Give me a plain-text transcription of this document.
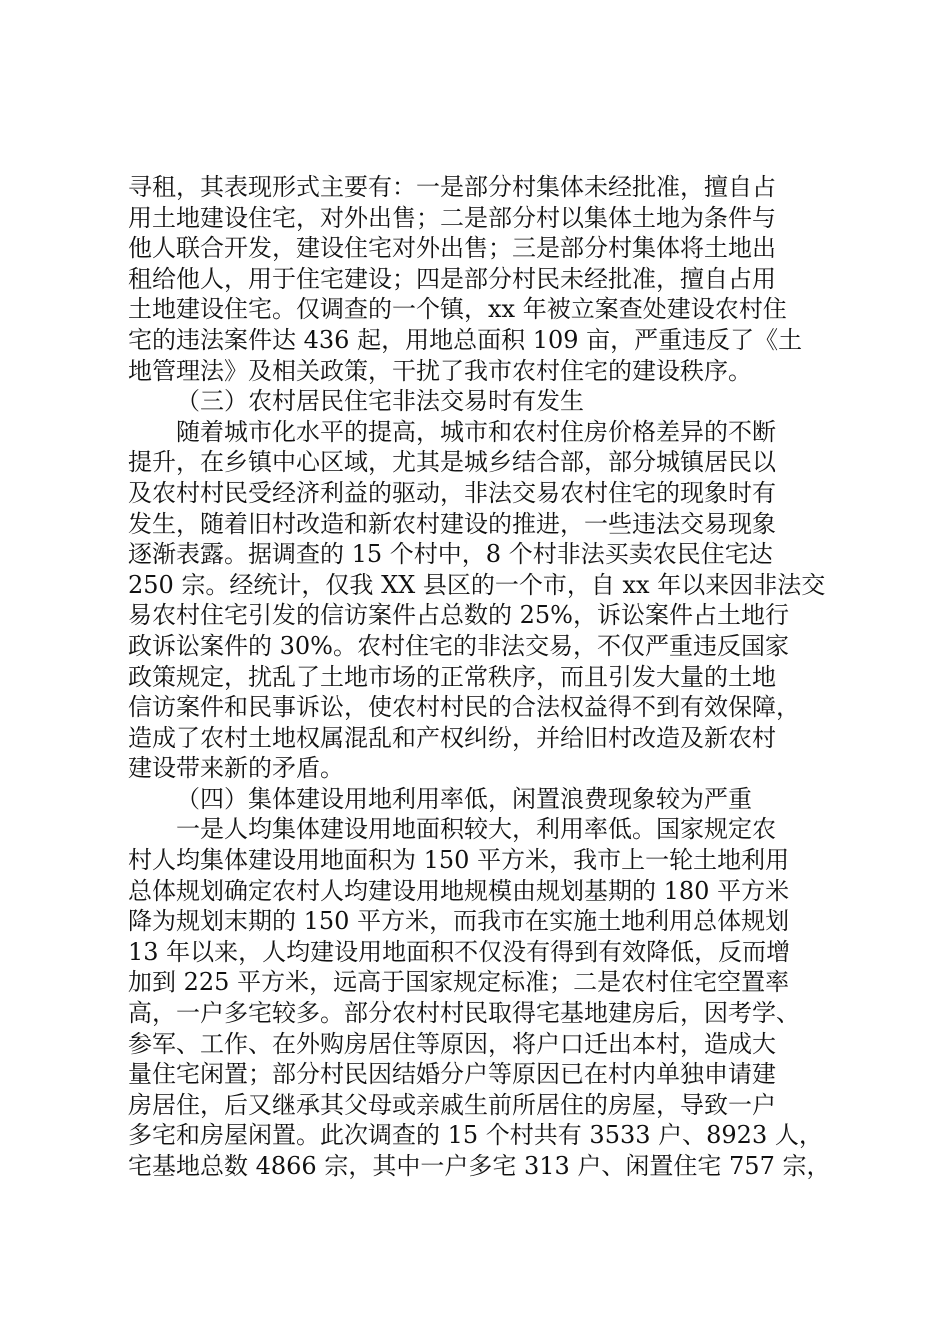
寻租，其表现形式主要有：一是部分村集体未经批准，擅自占
用土地建设住宅，对外出售；二是部分村以集体土地为条件与
他人联合开发，建设住宅对外出售；三是部分村集体将土地出
租给他人，用于住宅建设；四是部分村民未经批准，擅自占用
土地建设住宅。仅调查的一个镇，xx 年被立案查处建设农村住
宅的违法案件达 436 起，用地总面积 109 亩，严重违反了《土
地管理法》及相关政策，干扰了我市农村住宅的建设秩序。
（三）农村居民住宅非法交易时有发生
随着城市化水平的提高，城市和农村住房价格差异的不断
提升，在乡镇中心区域，尤其是城乡结合部，部分城镇居民以
及农村村民受经济利益的驱动，非法交易农村住宅的现象时有
发生，随着旧村改造和新农村建设的推进，一些违法交易现象
逐渐表露。据调查的 15 个村中，8 个村非法买卖农民住宅达
250 宗。经统计，仅我 XX 县区的一个市，自 xx 年以来因非法交
易农村住宅引发的信访案件占总数的 25%，诉讼案件占土地行
政诉讼案件的 30%。农村住宅的非法交易，不仅严重违反国家
政策规定，扰乱了土地市场的正常秩序，而且引发大量的土地
信访案件和民事诉讼，使农村村民的合法权益得不到有效保障，
造成了农村土地权属混乱和产权纠纷，并给旧村改造及新农村
建设带来新的矛盾。
（四）集体建设用地利用率低，闲置浪费现象较为严重
一是人均集体建设用地面积较大，利用率低。国家规定农
村人均集体建设用地面积为 150 平方米，我市上一轮土地利用
总体规划确定农村人均建设用地规模由规划基期的 180 平方米
降为规划末期的 150 平方米，而我市在实施土地利用总体规划
13 年以来，人均建设用地面积不仅没有得到有效降低，反而增
加到 225 平方米，远高于国家规定标准；二是农村住宅空置率
高，一户多宅较多。部分农村村民取得宅基地建房后，因考学、
参军、工作、在外购房居住等原因，将户口迁出本村，造成大
量住宅闲置；部分村民因结婚分户等原因已在村内单独申请建
房居住，后又继承其父母或亲戚生前所居住的房屋，导致一户
多宅和房屋闲置。此次调查的 15 个村共有 3533 户、8923 人，
宅基地总数 4866 宗，其中一户多宅 313 户、闲置住宅 757 宗，
